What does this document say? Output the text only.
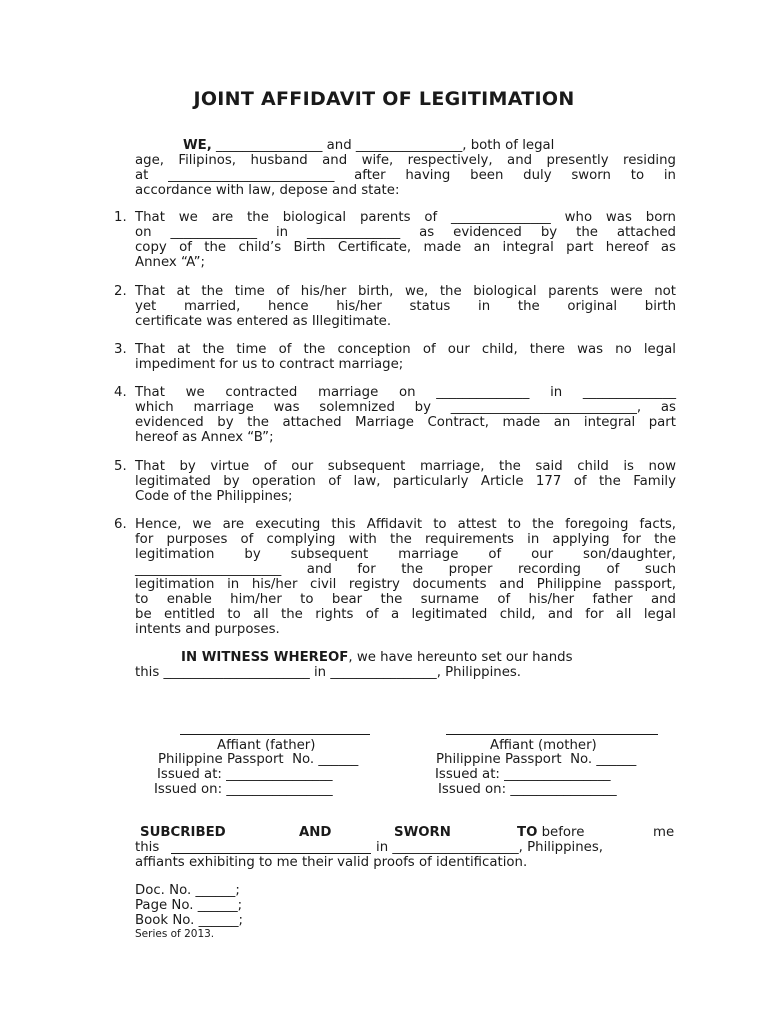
JOINT AFFIDAVIT OF LEGITIMATION
WE, ________________ and ________________, both of legal
age, Filipinos, husband and wife, respectively, and presently residing
at _________________________ after having been duly sworn to in
accordance with law, depose and state:
1. That we are the biological parents of _______________ who was born
on _____________ in ______________ as evidenced by the attached
copy of the child’s Birth Certificate, made an integral part hereof as
Annex “A”;
2. That at the time of his/her birth, we, the biological parents were not
yet married, hence his/her status in the original birth
certificate was entered as Illegitimate.
3. That at the time of the conception of our child, there was no legal
impediment for us to contract marriage;
4. That we contracted marriage on ______________ in ______________
which marriage was solemnized by ____________________________, as
evidenced by the attached Marriage Contract, made an integral part
hereof as Annex “B”;
5. That by virtue of our subsequent marriage, the said child is now
legitimated by operation of law, particularly Article 177 of the Family
Code of the Philippines;
6. Hence, we are executing this Affidavit to attest to the foregoing facts,
for purposes of complying with the requirements in applying for the
legitimation by subsequent marriage of our son/daughter,
______________________ and for the proper recording of such
legitimation in his/her civil registry documents and Philippine passport,
to enable him/her to bear the surname of his/her father and
be entitled to all the rights of a legitimated child, and for all legal
intents and purposes.
IN WITNESS WHEREOF, we have hereunto set our hands
this ______________________ in ________________, Philippines.
Affiant (father)
Philippine Passport  No. ______
Issued at: ________________
Issued on: ________________
Affiant (mother)
Philippine Passport  No. ______
Issued at: ________________
Issued on: ________________
SUBCRIBED	AND	SWORN	TO before	me
this	in ___________________, Philippines,
affiants exhibiting to me their valid proofs of identification.
Doc. No. ______;
Page No. ______;
Book No. ______;
Series of 2013.
